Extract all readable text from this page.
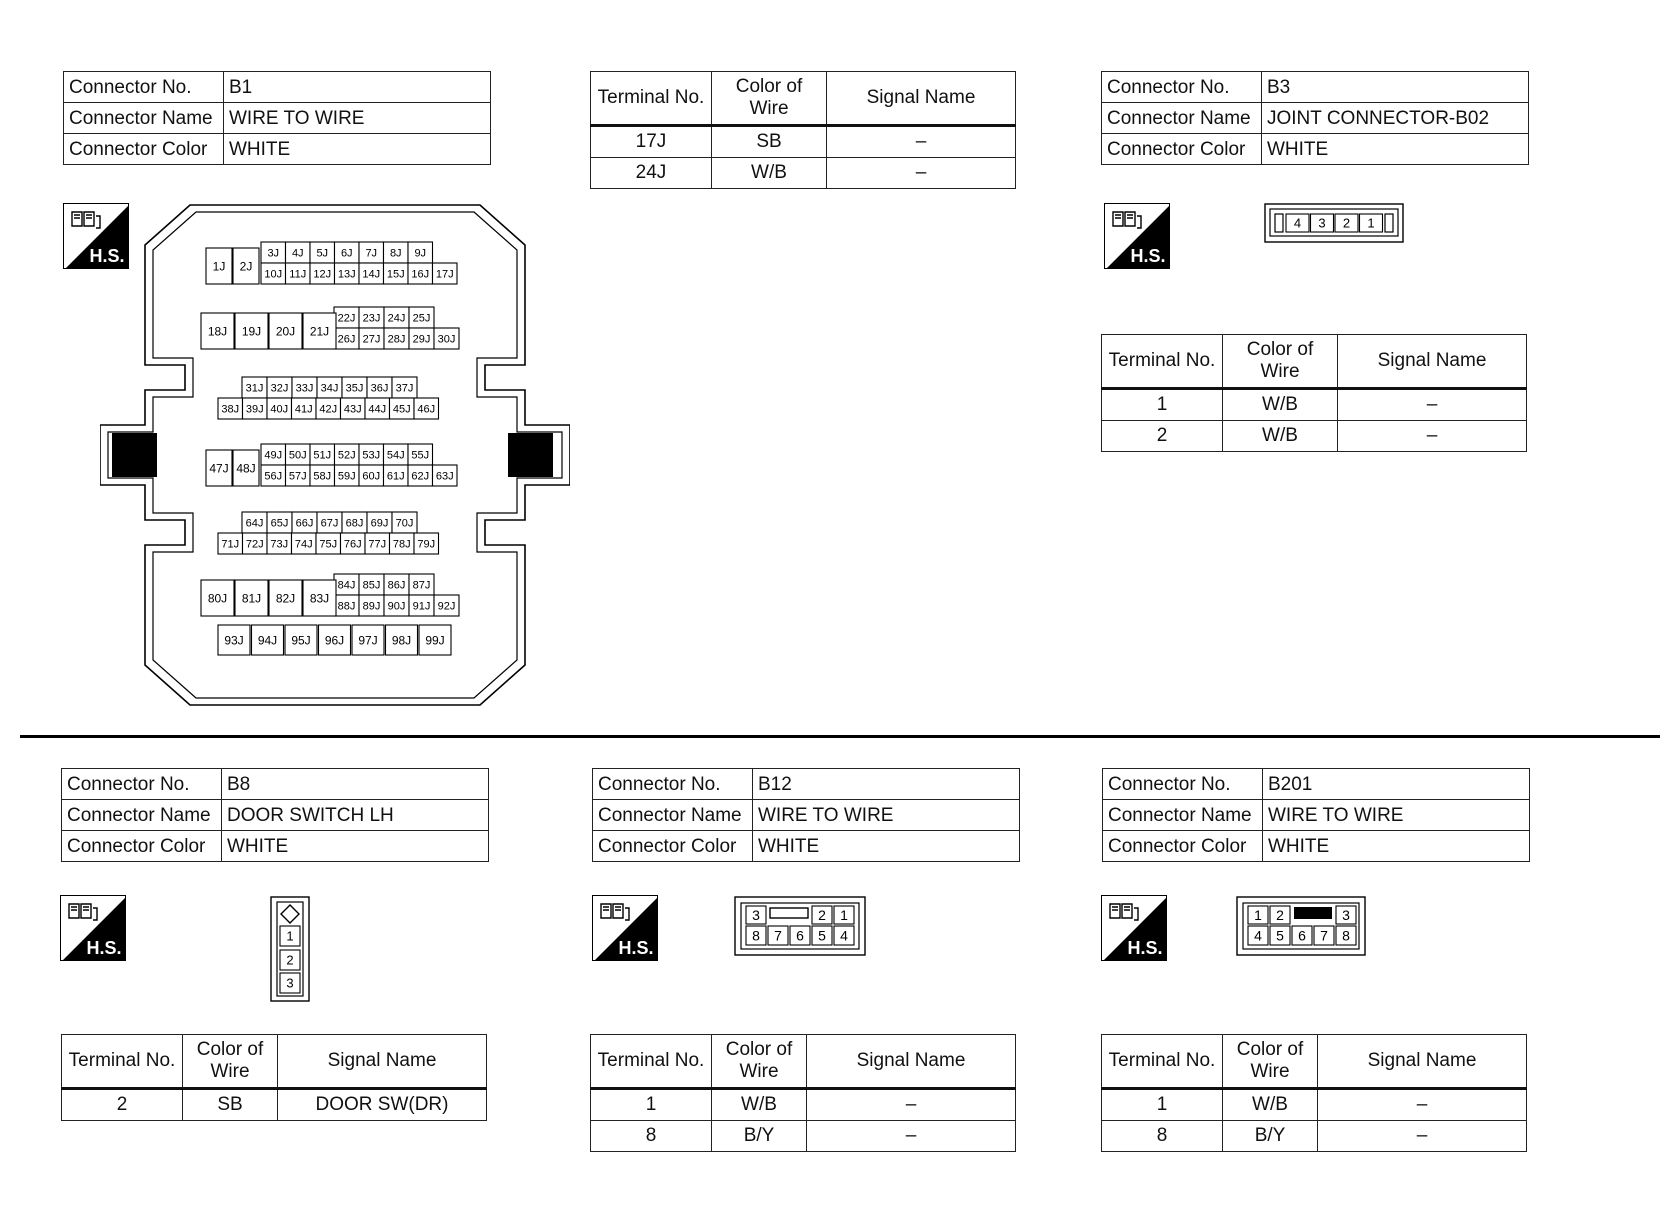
Connector No.	B1
Connector Name	WIRE TO WIRE
Connector Color	WHITE
Terminal No.	Color of Wire	Signal Name
17J	SB	–
24J	W/B	–
Connector No.	B3
Connector Name	JOINT CONNECTOR-B02
Connector Color	WHITE
H.S.	H.S.
3J 4J 5J 6J 7J 8J 9J
10J 11J 12J 13J 14J 15J 16J 17J
1J 2J
22J 23J 24J 25J
26J 27J 28J 29J 30J
18J 19J 20J 21J
31J 32J 33J 34J 35J 36J 37J
38J 39J 40J 41J 42J 43J 44J 45J 46J
49J 50J 51J 52J 53J 54J 55J
56J 57J 58J 59J 60J 61J 62J 63J
47J 48J
64J 65J 66J 67J 68J 69J 70J
71J 72J 73J 74J 75J 76J 77J 78J 79J
84J 85J 86J 87J
88J 89J 90J 91J 92J
80J 81J 82J 83J
93J 94J 95J 96J 97J 98J 99J
4 3 2 1
Terminal No.	Color of Wire	Signal Name
1	W/B	–
2	W/B	–
Connector No.	B8
Connector Name	DOOR SWITCH LH
Connector Color	WHITE
Connector No.	B12
Connector Name	WIRE TO WIRE
Connector Color	WHITE
Connector No.	B201
Connector Name	WIRE TO WIRE
Connector Color	WHITE
H.S.	H.S.	H.S.
1
2
3
3	2 1
8 7 6 5 4
1 2	3
4 5 6 7 8
Terminal No.	Color of Wire	Signal Name
2	SB	DOOR SW(DR)
Terminal No.	Color of Wire	Signal Name
1	W/B	–
8	B/Y	–
Terminal No.	Color of Wire	Signal Name
1	W/B	–
8	B/Y	–
